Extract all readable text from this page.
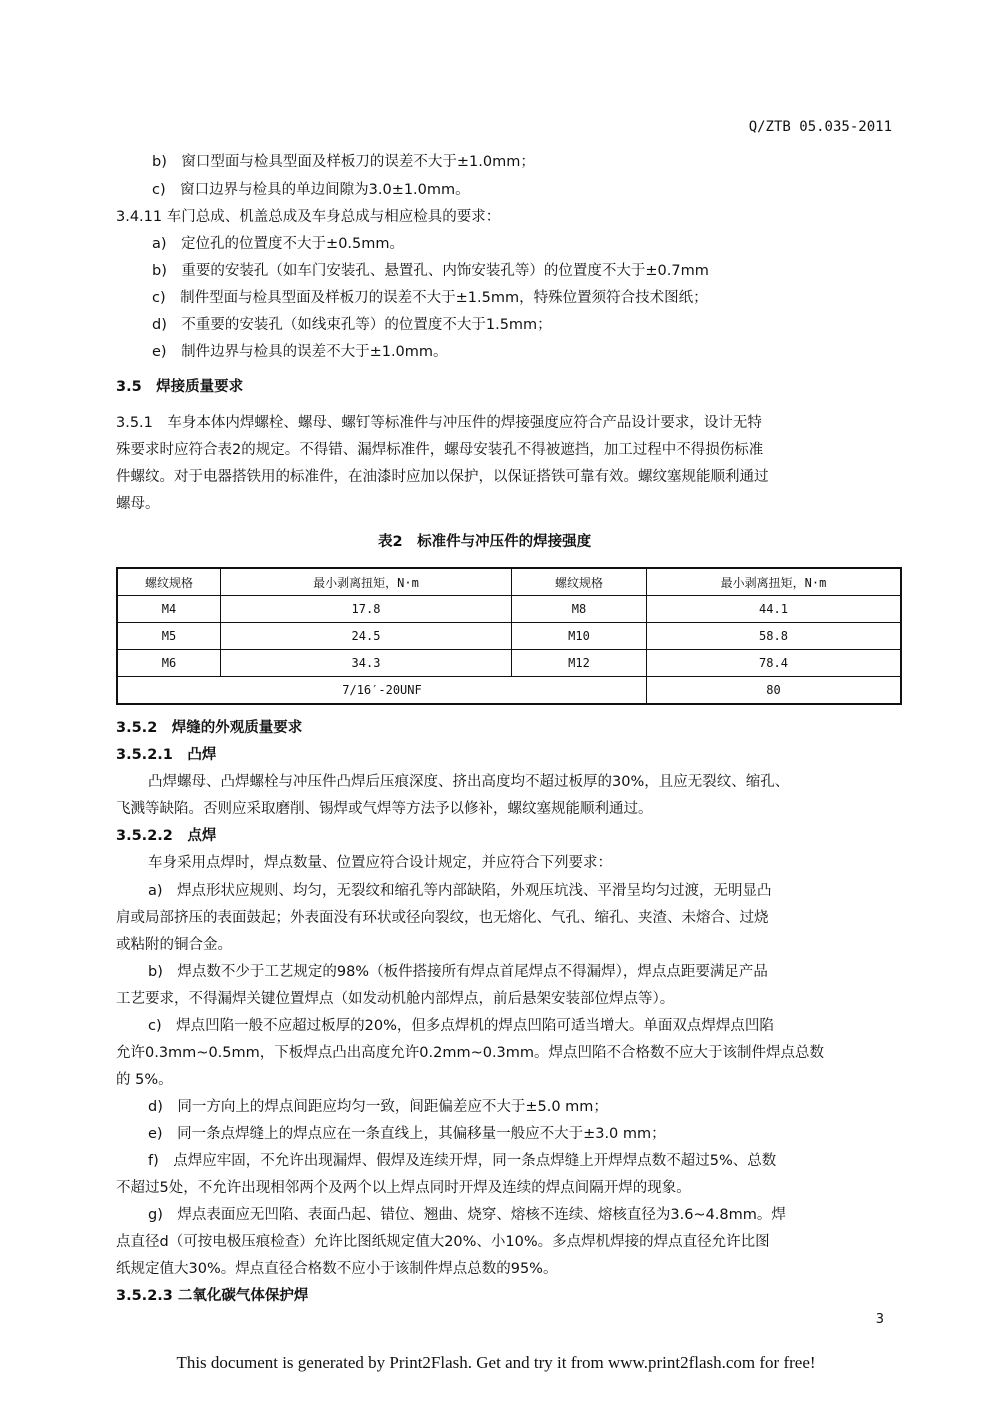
Q/ZTB 05.035-2011
b)　窗口型面与检具型面及样板刀的误差不大于±1.0mm；
c)　窗口边界与检具的单边间隙为3.0±1.0mm。
3.4.11 车门总成、机盖总成及车身总成与相应检具的要求：
a)　定位孔的位置度不大于±0.5mm。
b)　重要的安装孔（如车门安装孔、悬置孔、内饰安装孔等）的位置度不大于±0.7mm
c)　制件型面与检具型面及样板刀的误差不大于±1.5mm，特殊位置须符合技术图纸；
d)　不重要的安装孔（如线束孔等）的位置度不大于1.5mm；
e)　制件边界与检具的误差不大于±1.0mm。
3.5　焊接质量要求
3.5.1　车身本体内焊螺栓、螺母、螺钉等标准件与冲压件的焊接强度应符合产品设计要求，设计无特
殊要求时应符合表2的规定。不得错、漏焊标准件，螺母安装孔不得被遮挡，加工过程中不得损伤标准
件螺纹。对于电器搭铁用的标准件，在油漆时应加以保护，以保证搭铁可靠有效。螺纹塞规能顺利通过
螺母。
表2　标准件与冲压件的焊接强度
螺纹规格	最小剥离扭矩，N·m	螺纹规格	最小剥离扭矩，N·m
M4	17.8	M8	44.1
M5	24.5	M10	58.8
M6	34.3	M12	78.4
7/16′-20UNF			80
3.5.2　焊缝的外观质量要求
3.5.2.1　凸焊
凸焊螺母、凸焊螺栓与冲压件凸焊后压痕深度、挤出高度均不超过板厚的30%，且应无裂纹、缩孔、
飞溅等缺陷。否则应采取磨削、锡焊或气焊等方法予以修补，螺纹塞规能顺利通过。
3.5.2.2　点焊
车身采用点焊时，焊点数量、位置应符合设计规定，并应符合下列要求：
a)　焊点形状应规则、均匀，无裂纹和缩孔等内部缺陷，外观压坑浅、平滑呈均匀过渡，无明显凸
肩或局部挤压的表面鼓起；外表面没有环状或径向裂纹，也无熔化、气孔、缩孔、夹渣、未熔合、过烧
或粘附的铜合金。
b)　焊点数不少于工艺规定的98%（板件搭接所有焊点首尾焊点不得漏焊），焊点点距要满足产品
工艺要求，不得漏焊关键位置焊点（如发动机舱内部焊点，前后悬架安装部位焊点等）。
c)　焊点凹陷一般不应超过板厚的20%，但多点焊机的焊点凹陷可适当增大。单面双点焊焊点凹陷
允许0.3mm~0.5mm，下板焊点凸出高度允许0.2mm~0.3mm。焊点凹陷不合格数不应大于该制件焊点总数
的 5%。
d)　同一方向上的焊点间距应均匀一致，间距偏差应不大于±5.0 mm；
e)　同一条点焊缝上的焊点应在一条直线上，其偏移量一般应不大于±3.0 mm；
f)　点焊应牢固，不允许出现漏焊、假焊及连续开焊，同一条点焊缝上开焊焊点数不超过5%、总数
不超过5处，不允许出现相邻两个及两个以上焊点同时开焊及连续的焊点间隔开焊的现象。
g)　焊点表面应无凹陷、表面凸起、错位、翘曲、烧穿、熔核不连续、熔核直径为3.6~4.8mm。焊
点直径d（可按电极压痕检查）允许比图纸规定值大20%、小10%。多点焊机焊接的焊点直径允许比图
纸规定值大30%。焊点直径合格数不应小于该制件焊点总数的95%。
3.5.2.3 二氧化碳气体保护焊
3
This document is generated by Print2Flash. Get and try it from www.print2flash.com for free!
